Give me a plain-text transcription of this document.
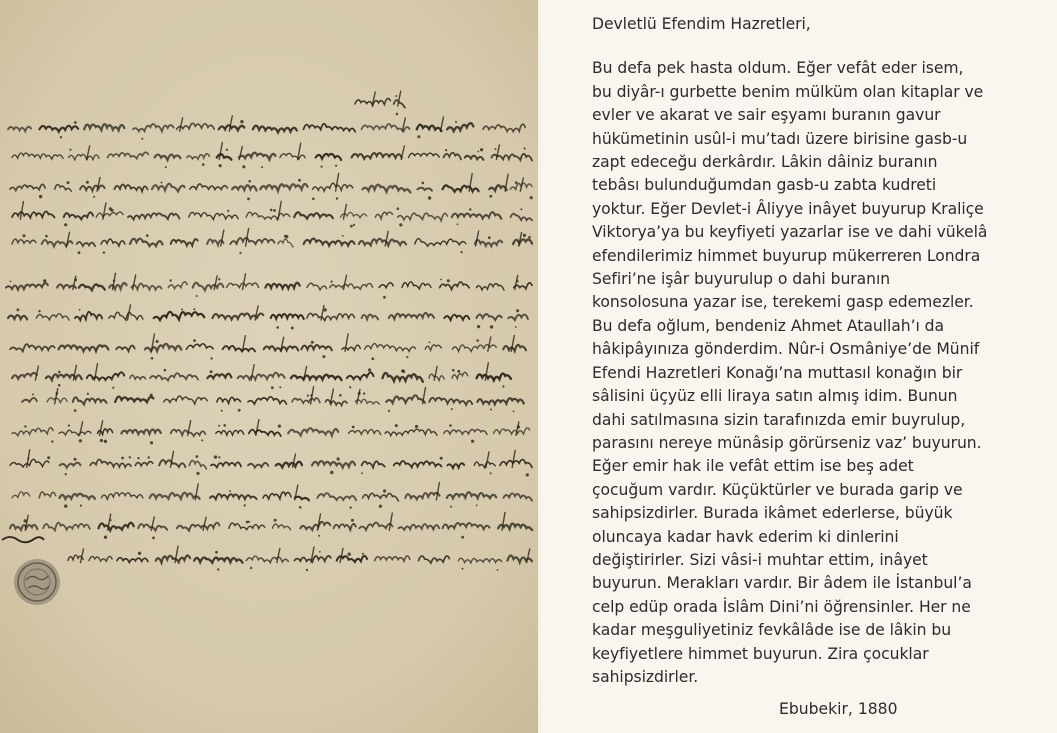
Devletlü Efendim Hazretleri,

Bu defa pek hasta oldum. Eğer vefât eder isem,
bu diyâr-ı gurbette benim mülküm olan kitaplar ve
evler ve akarat ve sair eşyamı buranın gavur
hükümetinin usûl-i mu’tadı üzere birisine gasb-u
zapt edeceğu derkârdır. Lâkin dâiniz buranın
tebâsı bulunduğumdan gasb-u zabta kudreti
yoktur. Eğer Devlet-i Âliyye inâyet buyurup Kraliçe
Viktorya’ya bu keyfiyeti yazarlar ise ve dahi vükelâ
efendilerimiz himmet buyurup mükerreren Londra
Sefiri’ne işâr buyurulup o dahi buranın
konsolosuna yazar ise, terekemi gasp edemezler.
Bu defa oğlum, bendeniz Ahmet Ataullah’ı da
hâkipâyınıza gönderdim. Nûr-i Osmâniye’de Münif
Efendi Hazretleri Konağı’na muttasıl konağın bir
sâlisini üçyüz elli liraya satın almış idim. Bunun
dahi satılmasına sizin tarafınızda emir buyrulup,
parasını nereye münâsip görürseniz vaz’ buyurun.
Eğer emir hak ile vefât ettim ise beş adet
çocuğum vardır. Küçüktürler ve burada garip ve
sahipsizdirler. Burada ikâmet ederlerse, büyük
oluncaya kadar havk ederim ki dinlerini
değiştirirler. Sizi vâsi-i muhtar ettim, inâyet
buyurun. Merakları vardır. Bir âdem ile İstanbul’a
celp edüp orada İslâm Dini’ni öğrensinler. Her ne
kadar meşguliyetiniz fevkâlâde ise de lâkin bu
keyfiyetlere himmet buyurun. Zira çocuklar
sahipsizdirler.
Ebubekir, 1880
